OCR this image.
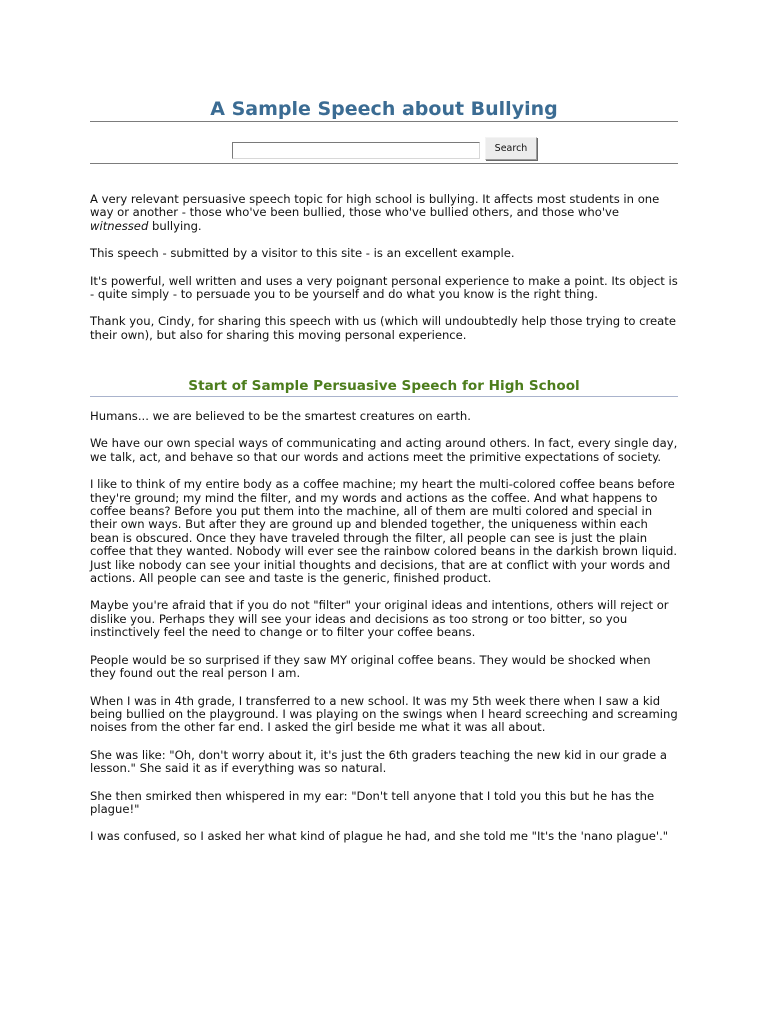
A Sample Speech about Bullying
Search

A very relevant persuasive speech topic for high school is bullying. It affects most students in one way or another - those who've been bullied, those who've bullied others, and those who've witnessed bullying.

This speech - submitted by a visitor to this site - is an excellent example.

It's powerful, well written and uses a very poignant personal experience to make a point. Its object is - quite simply - to persuade you to be yourself and do what you know is the right thing.

Thank you, Cindy, for sharing this speech with us (which will undoubtedly help those trying to create their own), but also for sharing this moving personal experience.

Start of Sample Persuasive Speech for High School

Humans... we are believed to be the smartest creatures on earth.

We have our own special ways of communicating and acting around others. In fact, every single day, we talk, act, and behave so that our words and actions meet the primitive expectations of society.

I like to think of my entire body as a coffee machine; my heart the multi-colored coffee beans before they're ground; my mind the filter, and my words and actions as the coffee. And what happens to coffee beans? Before you put them into the machine, all of them are multi colored and special in their own ways. But after they are ground up and blended together, the uniqueness within each bean is obscured. Once they have traveled through the filter, all people can see is just the plain coffee that they wanted. Nobody will ever see the rainbow colored beans in the darkish brown liquid. Just like nobody can see your initial thoughts and decisions, that are at conflict with your words and actions. All people can see and taste is the generic, finished product.

Maybe you're afraid that if you do not "filter" your original ideas and intentions, others will reject or dislike you. Perhaps they will see your ideas and decisions as too strong or too bitter, so you instinctively feel the need to change or to filter your coffee beans.

People would be so surprised if they saw MY original coffee beans. They would be shocked when they found out the real person I am.

When I was in 4th grade, I transferred to a new school. It was my 5th week there when I saw a kid being bullied on the playground. I was playing on the swings when I heard screeching and screaming noises from the other far end. I asked the girl beside me what it was all about.

She was like: "Oh, don't worry about it, it's just the 6th graders teaching the new kid in our grade a lesson." She said it as if everything was so natural.

She then smirked then whispered in my ear: "Don't tell anyone that I told you this but he has the plague!"

I was confused, so I asked her what kind of plague he had, and she told me "It's the 'nano plague'."
